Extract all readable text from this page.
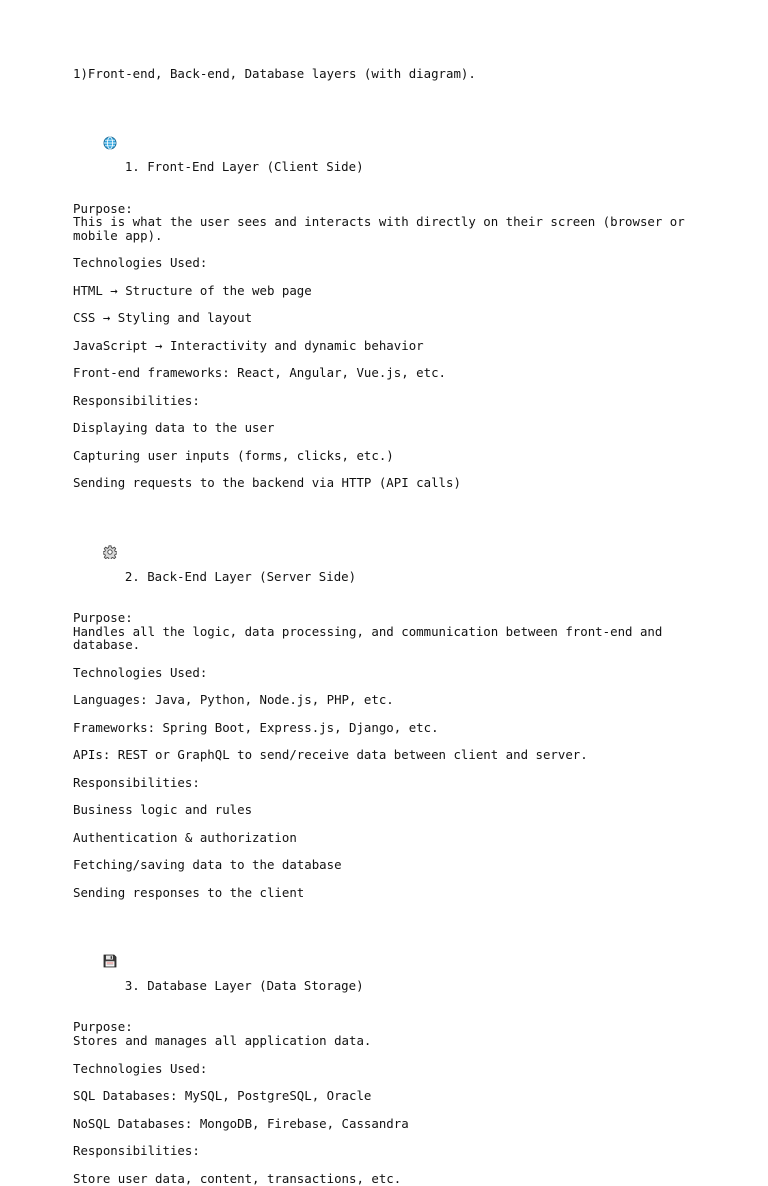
1)Front-end, Back-end, Database layers (with diagram).

1. Front-End Layer (Client Side)

Purpose:
This is what the user sees and interacts with directly on their screen (browser or mobile app).
Technologies Used:
HTML → Structure of the web page
CSS → Styling and layout
JavaScript → Interactivity and dynamic behavior
Front-end frameworks: React, Angular, Vue.js, etc.
Responsibilities:
Displaying data to the user
Capturing user inputs (forms, clicks, etc.)
Sending requests to the backend via HTTP (API calls)

2. Back-End Layer (Server Side)

Purpose:
Handles all the logic, data processing, and communication between front-end and database.
Technologies Used:
Languages: Java, Python, Node.js, PHP, etc.
Frameworks: Spring Boot, Express.js, Django, etc.
APIs: REST or GraphQL to send/receive data between client and server.
Responsibilities:
Business logic and rules
Authentication & authorization
Fetching/saving data to the database
Sending responses to the client

3. Database Layer (Data Storage)

Purpose:
Stores and manages all application data.
Technologies Used:
SQL Databases: MySQL, PostgreSQL, Oracle
NoSQL Databases: MongoDB, Firebase, Cassandra
Responsibilities:
Store user data, content, transactions, etc.
